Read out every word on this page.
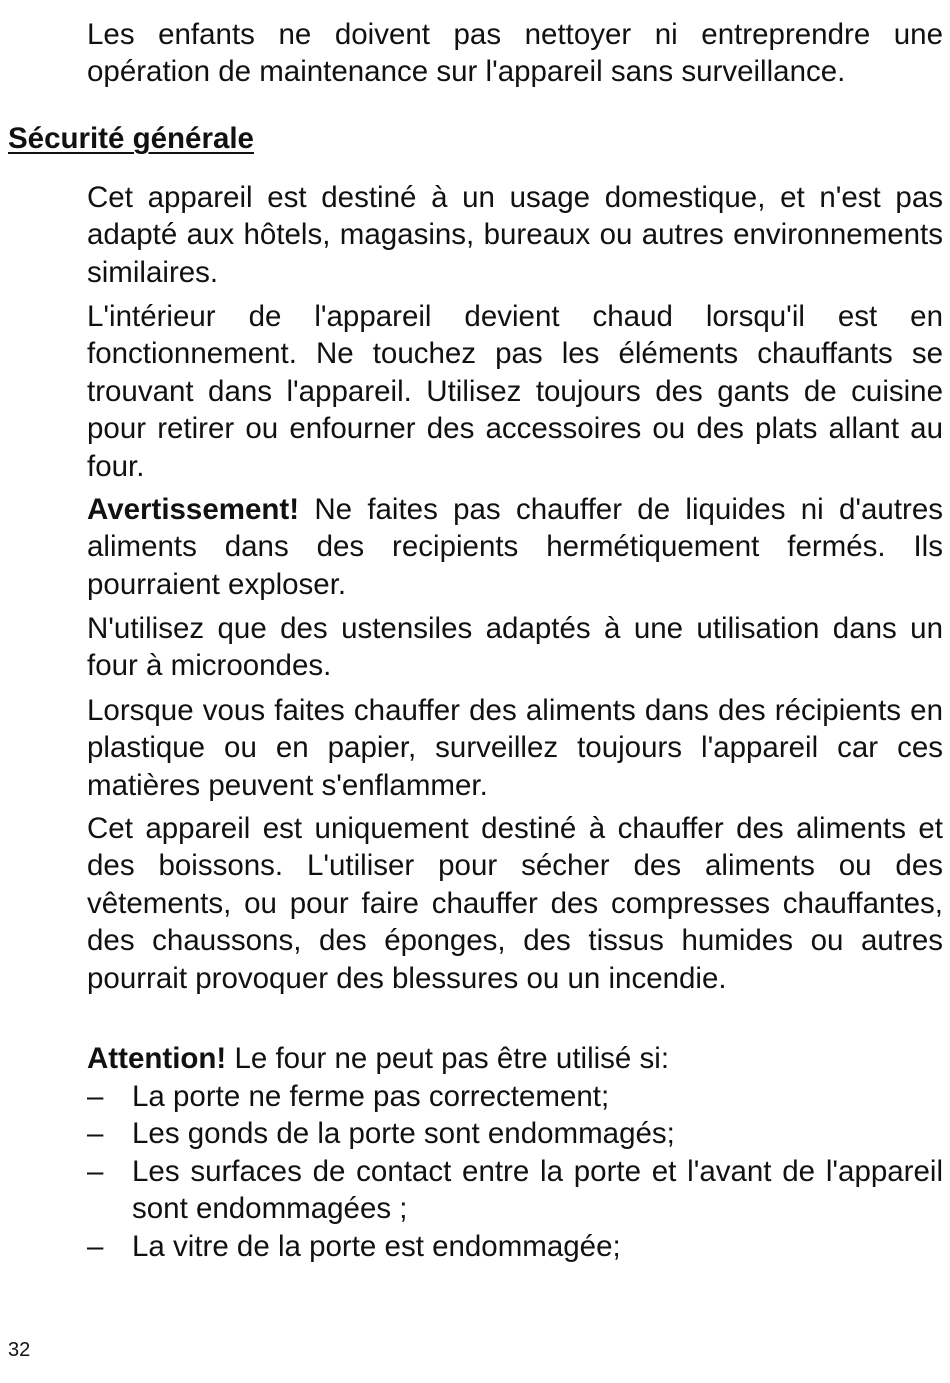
Les enfants ne doivent pas nettoyer ni entreprendre une opération de maintenance sur l'appareil sans surveillance.

Sécurité générale

Cet appareil est destiné à un usage domestique, et n'est pas adapté aux hôtels, magasins, bureaux ou autres environnements similaires.

L'intérieur de l'appareil devient chaud lorsqu'il est en fonctionnement. Ne touchez pas les éléments chauffants se trouvant dans l'appareil. Utilisez toujours des gants de cuisine pour retirer ou enfourner des accessoires ou des plats allant au four.

Avertissement! Ne faites pas chauffer de liquides ni d'autres aliments dans des recipients hermétiquement fermés. Ils pourraient exploser.

N'utilisez que des ustensiles adaptés à une utilisation dans un four à microondes.

Lorsque vous faites chauffer des aliments dans des récipients en plastique ou en papier, surveillez toujours l'appareil car ces matières peuvent s'enflammer.

Cet appareil est uniquement destiné à chauffer des aliments et des boissons. L'utiliser pour sécher des aliments ou des vêtements, ou pour faire chauffer des compresses chauffantes, des chaussons, des éponges, des tissus humides ou autres pourrait provoquer des blessures ou un incendie.

Attention! Le four ne peut pas être utilisé si:

– La porte ne ferme pas correctement;
– Les gonds de la porte sont endommagés;
– Les surfaces de contact entre la porte et l'avant de l'appareil sont endommagées ;
– La vitre de la porte est endommagée;
32
